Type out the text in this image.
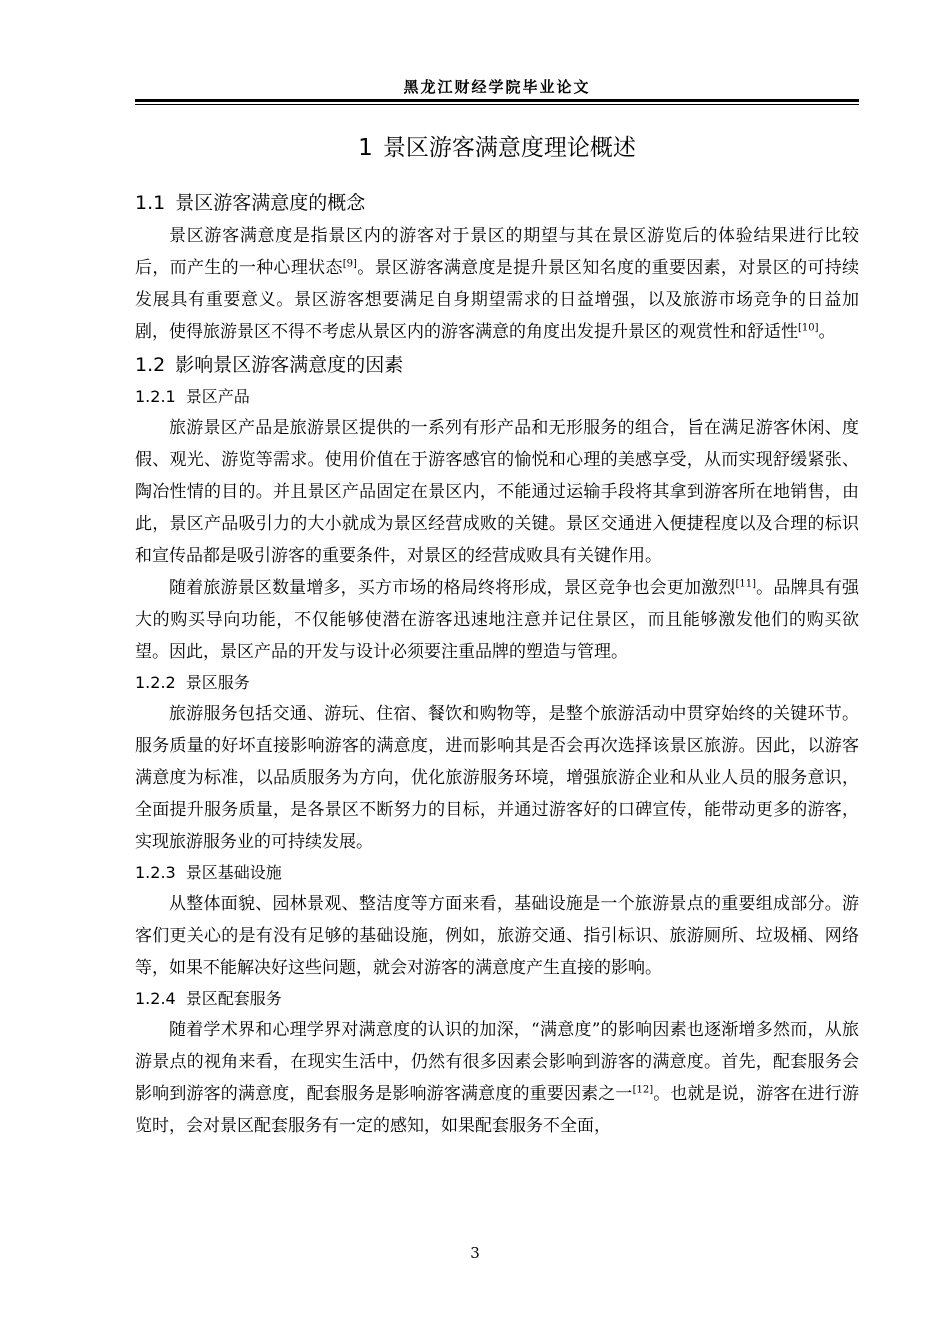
黑龙江财经学院毕业论文
1 景区游客满意度理论概述
1.1 景区游客满意度的概念

景区游客满意度是指景区内的游客对于景区的期望与其在景区游览后的体验结果进行比较后，而产生的一种心理状态[9]。景区游客满意度是提升景区知名度的重要因素，对景区的可持续发展具有重要意义。景区游客想要满足自身期望需求的日益增强，以及旅游市场竞争的日益加剧，使得旅游景区不得不考虑从景区内的游客满意的角度出发提升景区的观赏性和舒适性[10]。

1.2 影响景区游客满意度的因素
1.2.1 景区产品

旅游景区产品是旅游景区提供的一系列有形产品和无形服务的组合，旨在满足游客休闲、度假、观光、游览等需求。使用价值在于游客感官的愉悦和心理的美感享受，从而实现舒缓紧张、陶冶性情的目的。并且景区产品固定在景区内，不能通过运输手段将其拿到游客所在地销售，由此，景区产品吸引力的大小就成为景区经营成败的关键。景区交通进入便捷程度以及合理的标识和宣传品都是吸引游客的重要条件，对景区的经营成败具有关键作用。

随着旅游景区数量增多，买方市场的格局终将形成，景区竞争也会更加激烈[11]。品牌具有强大的购买导向功能，不仅能够使潜在游客迅速地注意并记住景区，而且能够激发他们的购买欲望。因此，景区产品的开发与设计必须要注重品牌的塑造与管理。

1.2.2 景区服务

旅游服务包括交通、游玩、住宿、餐饮和购物等，是整个旅游活动中贯穿始终的关键环节。服务质量的好坏直接影响游客的满意度，进而影响其是否会再次选择该景区旅游。因此，以游客满意度为标准，以品质服务为方向，优化旅游服务环境，增强旅游企业和从业人员的服务意识，全面提升服务质量，是各景区不断努力的目标，并通过游客好的口碑宣传，能带动更多的游客，实现旅游服务业的可持续发展。

1.2.3 景区基础设施

从整体面貌、园林景观、整洁度等方面来看，基础设施是一个旅游景点的重要组成部分。游客们更关心的是有没有足够的基础设施，例如，旅游交通、指引标识、旅游厕所、垃圾桶、网络等，如果不能解决好这些问题，就会对游客的满意度产生直接的影响。

1.2.4 景区配套服务

随着学术界和心理学界对满意度的认识的加深，“满意度”的影响因素也逐渐增多然而，从旅游景点的视角来看，在现实生活中，仍然有很多因素会影响到游客的满意度。首先，配套服务会影响到游客的满意度，配套服务是影响游客满意度的重要因素之一[12]。也就是说，游客在进行游览时，会对景区配套服务有一定的感知，如果配套服务不全面，

3
